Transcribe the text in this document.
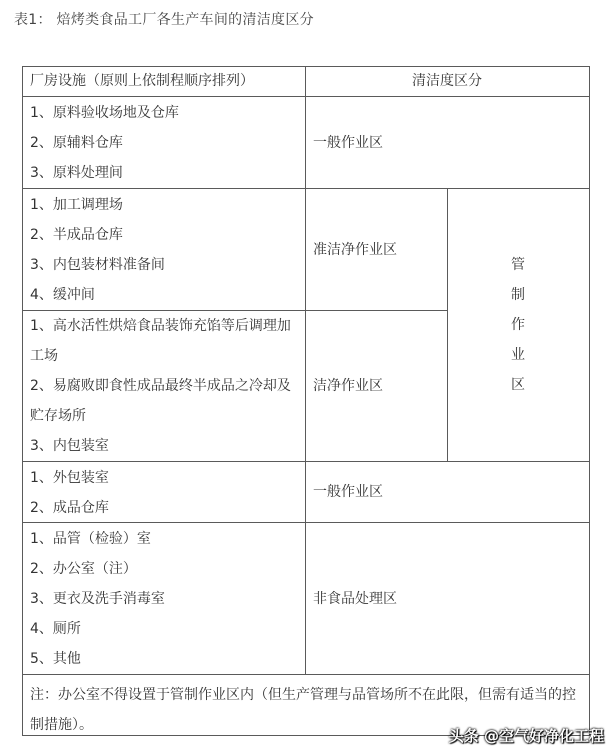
表1： 焙烤类食品工厂各生产车间的清洁度区分
厂房设施（原则上依制程顺序排列）	清洁度区分
1、原料验收场地及仓库
2、原辅料仓库
3、原料处理间
一般作业区
1、加工调理场
2、半成品仓库
3、内包装材料准备间
4、缓冲间
准洁净作业区
1、高水活性烘焙食品装饰充馅等后调理加
工场
2、易腐败即食性成品最终半成品之冷却及
贮存场所
3、内包装室
洁净作业区
管
制
作
业
区
1、外包装室
2、成品仓库
一般作业区
1、品管（检验）室
2、办公室（注）
3、更衣及洗手消毒室
4、厕所
5、其他
非食品处理区
注：办公室不得设置于管制作业区内（但生产管理与品管场所不在此限，但需有适当的控
制措施）。
头条 @空气好净化工程
